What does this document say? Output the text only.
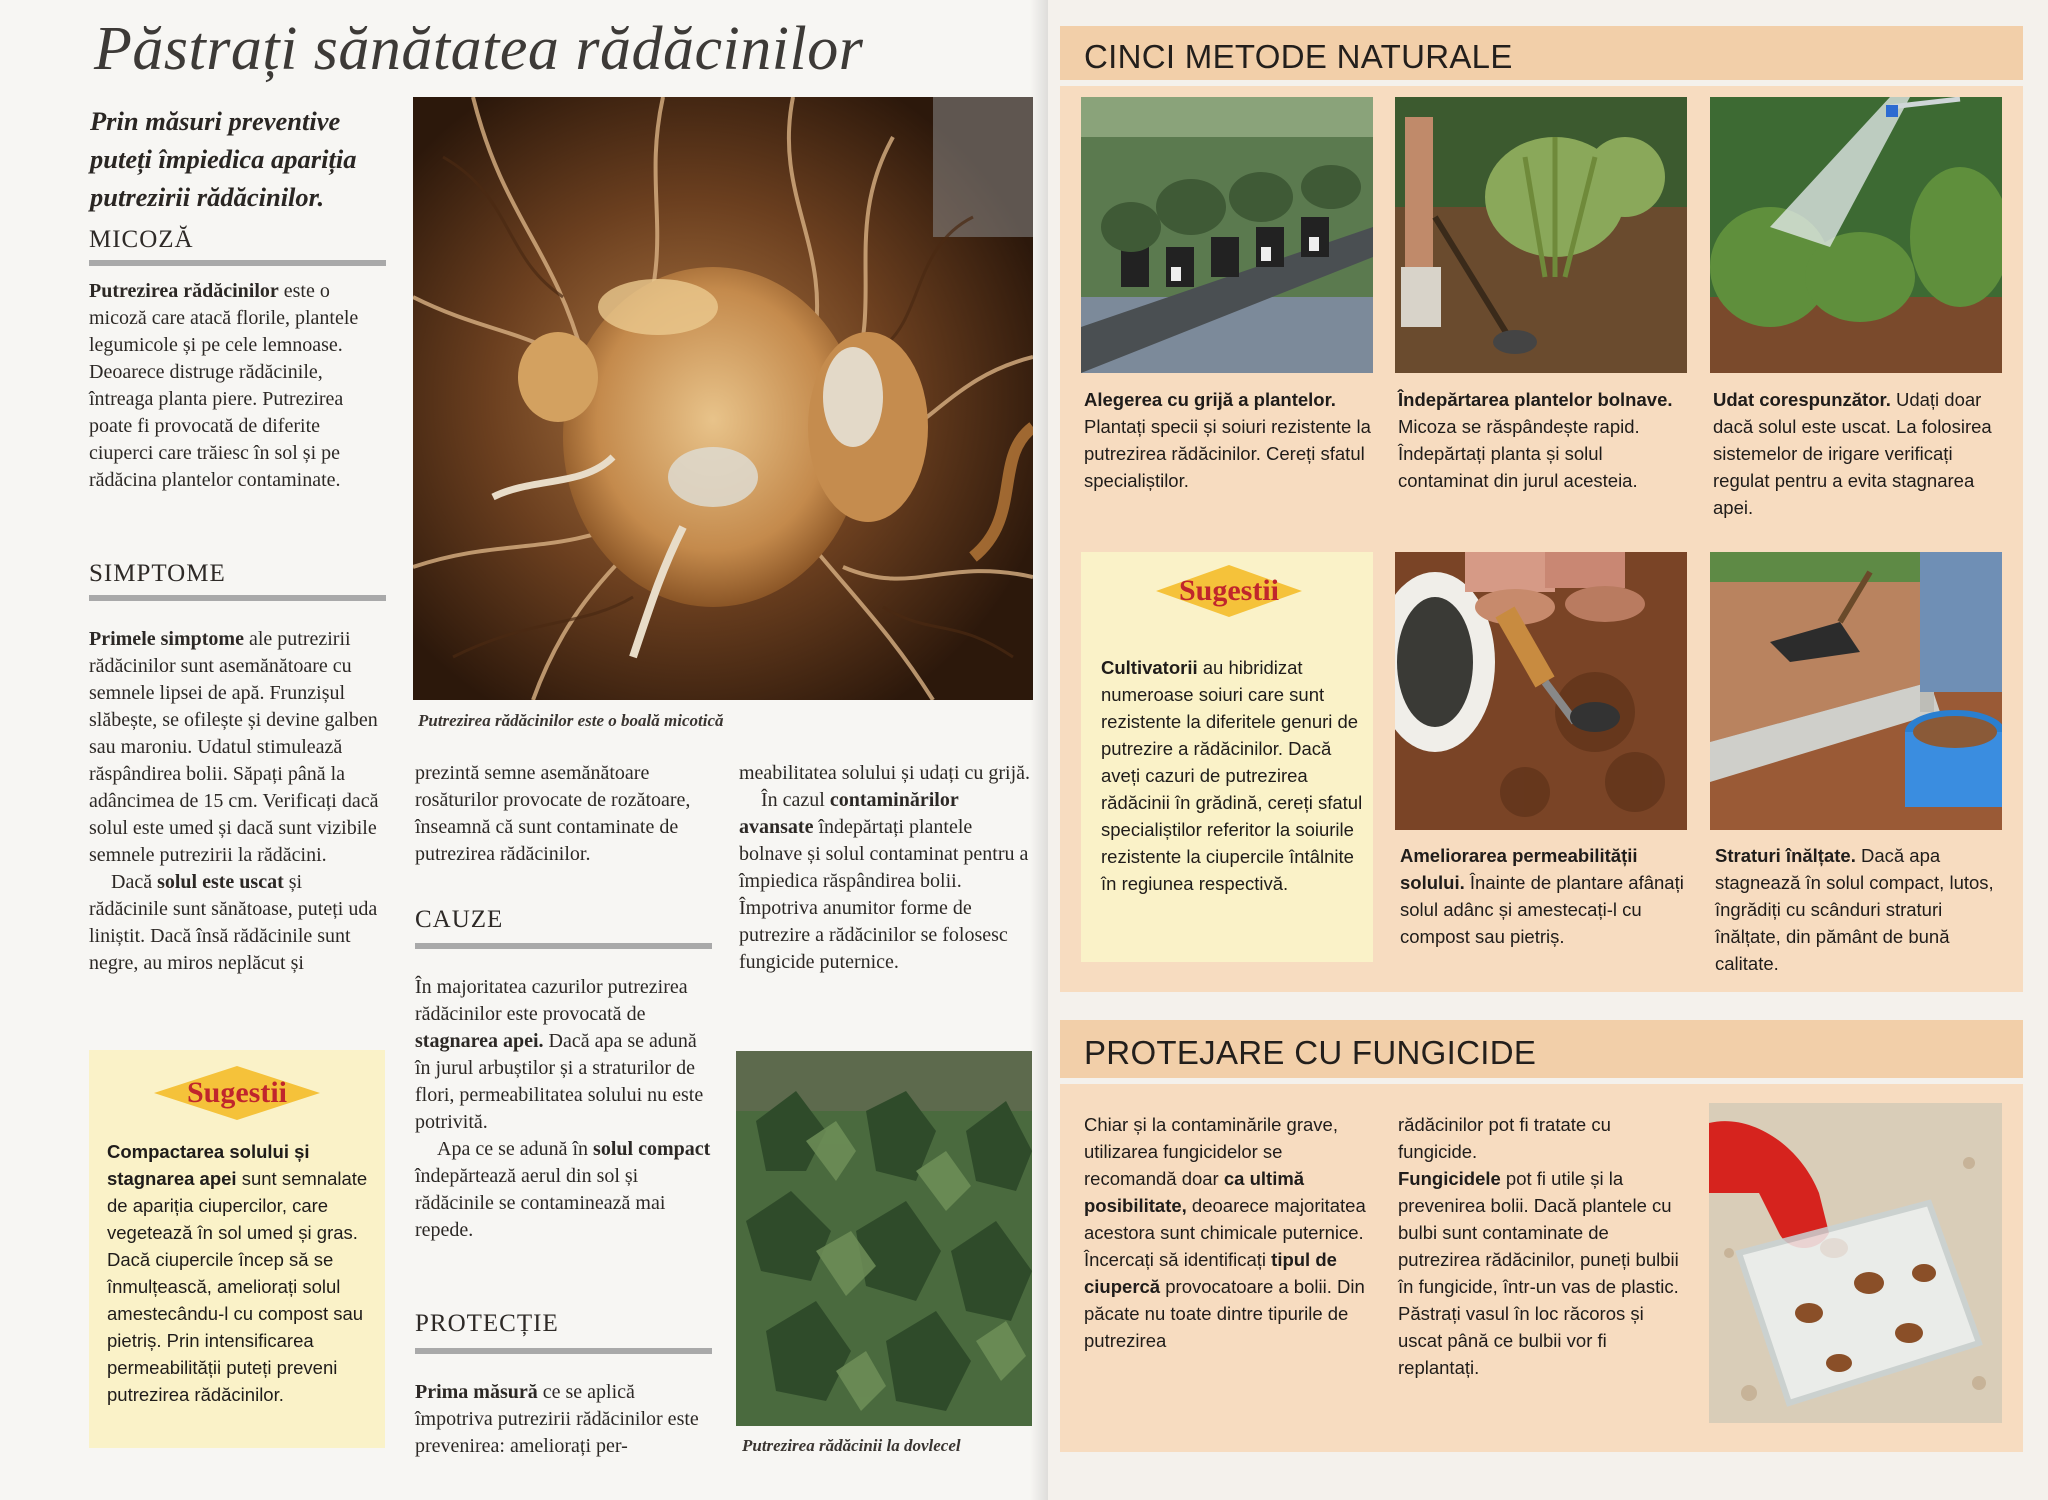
Păstrați sănătatea rădăcinilor
Prin măsuri preventive puteți împiedica apariția putrezirii rădăcinilor.
MICOZĂ

Putrezirea rădăcinilor este o micoză care atacă florile, plantele legumicole și pe cele lemnoase. Deoarece distruge rădăcinile, întreaga planta piere. Putrezirea poate fi provocată de diferite ciuperci care trăiesc în sol și pe rădăcina plantelor contaminate.

SIMPTOME

Primele simptome ale putrezirii rădăcinilor sunt asemănătoare cu semnele lipsei de apă. Frunzișul slăbește, se ofilește și devine galben sau maroniu. Udatul stimulează răspândirea bolii. Săpați până la adâncimea de 15 cm. Verificați dacă solul este umed și dacă sunt vizibile semnele putrezirii la rădăcini.

Dacă solul este uscat și rădăcinile sunt sănătoase, puteți uda liniștit. Dacă însă rădăcinile sunt negre, au miros neplăcut și

Sugestii

Compactarea solului și stagnarea apei sunt semnalate de apariția ciupercilor, care vegetează în sol umed și gras. Dacă ciupercile încep să se înmulțească, ameliorați solul amestecându-l cu compost sau pietriș. Prin intensificarea permeabilității puteți preveni putrezirea rădăcinilor.

Putrezirea rădăcinilor este o boală micotică

prezintă semne asemănătoare rosăturilor provocate de rozătoare, înseamnă că sunt contaminate de putrezirea rădăcinilor.

CAUZE

În majoritatea cazurilor putrezirea rădăcinilor este provocată de stagnarea apei. Dacă apa se adună în jurul arbuștilor și a straturilor de flori, permeabilitatea solului nu este potrivită.

Apa ce se adună în solul compact îndepărtează aerul din sol și rădăcinile se contaminează mai repede.

PROTECȚIE

Prima măsură ce se aplică împotriva putrezirii rădăcinilor este prevenirea: ameliorați per-

meabilitatea solului și udați cu grijă.

În cazul contaminărilor avansate îndepărtați plantele bolnave și solul contaminat pentru a împiedica răspândirea bolii. Împotriva anumitor forme de putrezire a rădăcinilor se folosesc fungicide puternice.

Putrezirea rădăcinii la dovlecel
CINCI METODE NATURALE

Alegerea cu grijă a plantelor. Plantați specii și soiuri rezistente la putrezirea rădăcinilor. Cereți sfatul specialiștilor.

Îndepărtarea plantelor bolnave. Micoza se răspândește rapid. Îndepărtați planta și solul contaminat din jurul acesteia.

Udat corespunzător. Udați doar dacă solul este uscat. La folosirea sistemelor de irigare verificați regulat pentru a evita stagnarea apei.

Sugestii

Cultivatorii au hibridizat numeroase soiuri care sunt rezistente la diferitele genuri de putrezire a rădăcinilor. Dacă aveți cazuri de putrezirea rădăcinii în grădină, cereți sfatul specialiștilor referitor la soiurile rezistente la ciupercile întâlnite în regiunea respectivă.

Ameliorarea permeabilității solului. Înainte de plantare afânați solul adânc și amestecați-l cu compost sau pietriș.

Straturi înălțate. Dacă apa stagnează în solul compact, lutos, îngrădiți cu scânduri straturi înălțate, din pământ de bună calitate.

PROTEJARE CU FUNGICIDE

Chiar și la contaminările grave, utilizarea fungicidelor se recomandă doar ca ultimă posibilitate, deoarece majoritatea acestora sunt chimicale puternice.

Încercați să identificați tipul de ciupercă provocatoare a bolii. Din păcate nu toate dintre tipurile de putrezirea

rădăcinilor pot fi tratate cu fungicide.

Fungicidele pot fi utile și la prevenirea bolii. Dacă plantele cu bulbi sunt contaminate de putrezirea rădăcinilor, puneți bulbii în fungicide, într-un vas de plastic. Păstrați vasul în loc răcoros și uscat până ce bulbii vor fi replantați.
